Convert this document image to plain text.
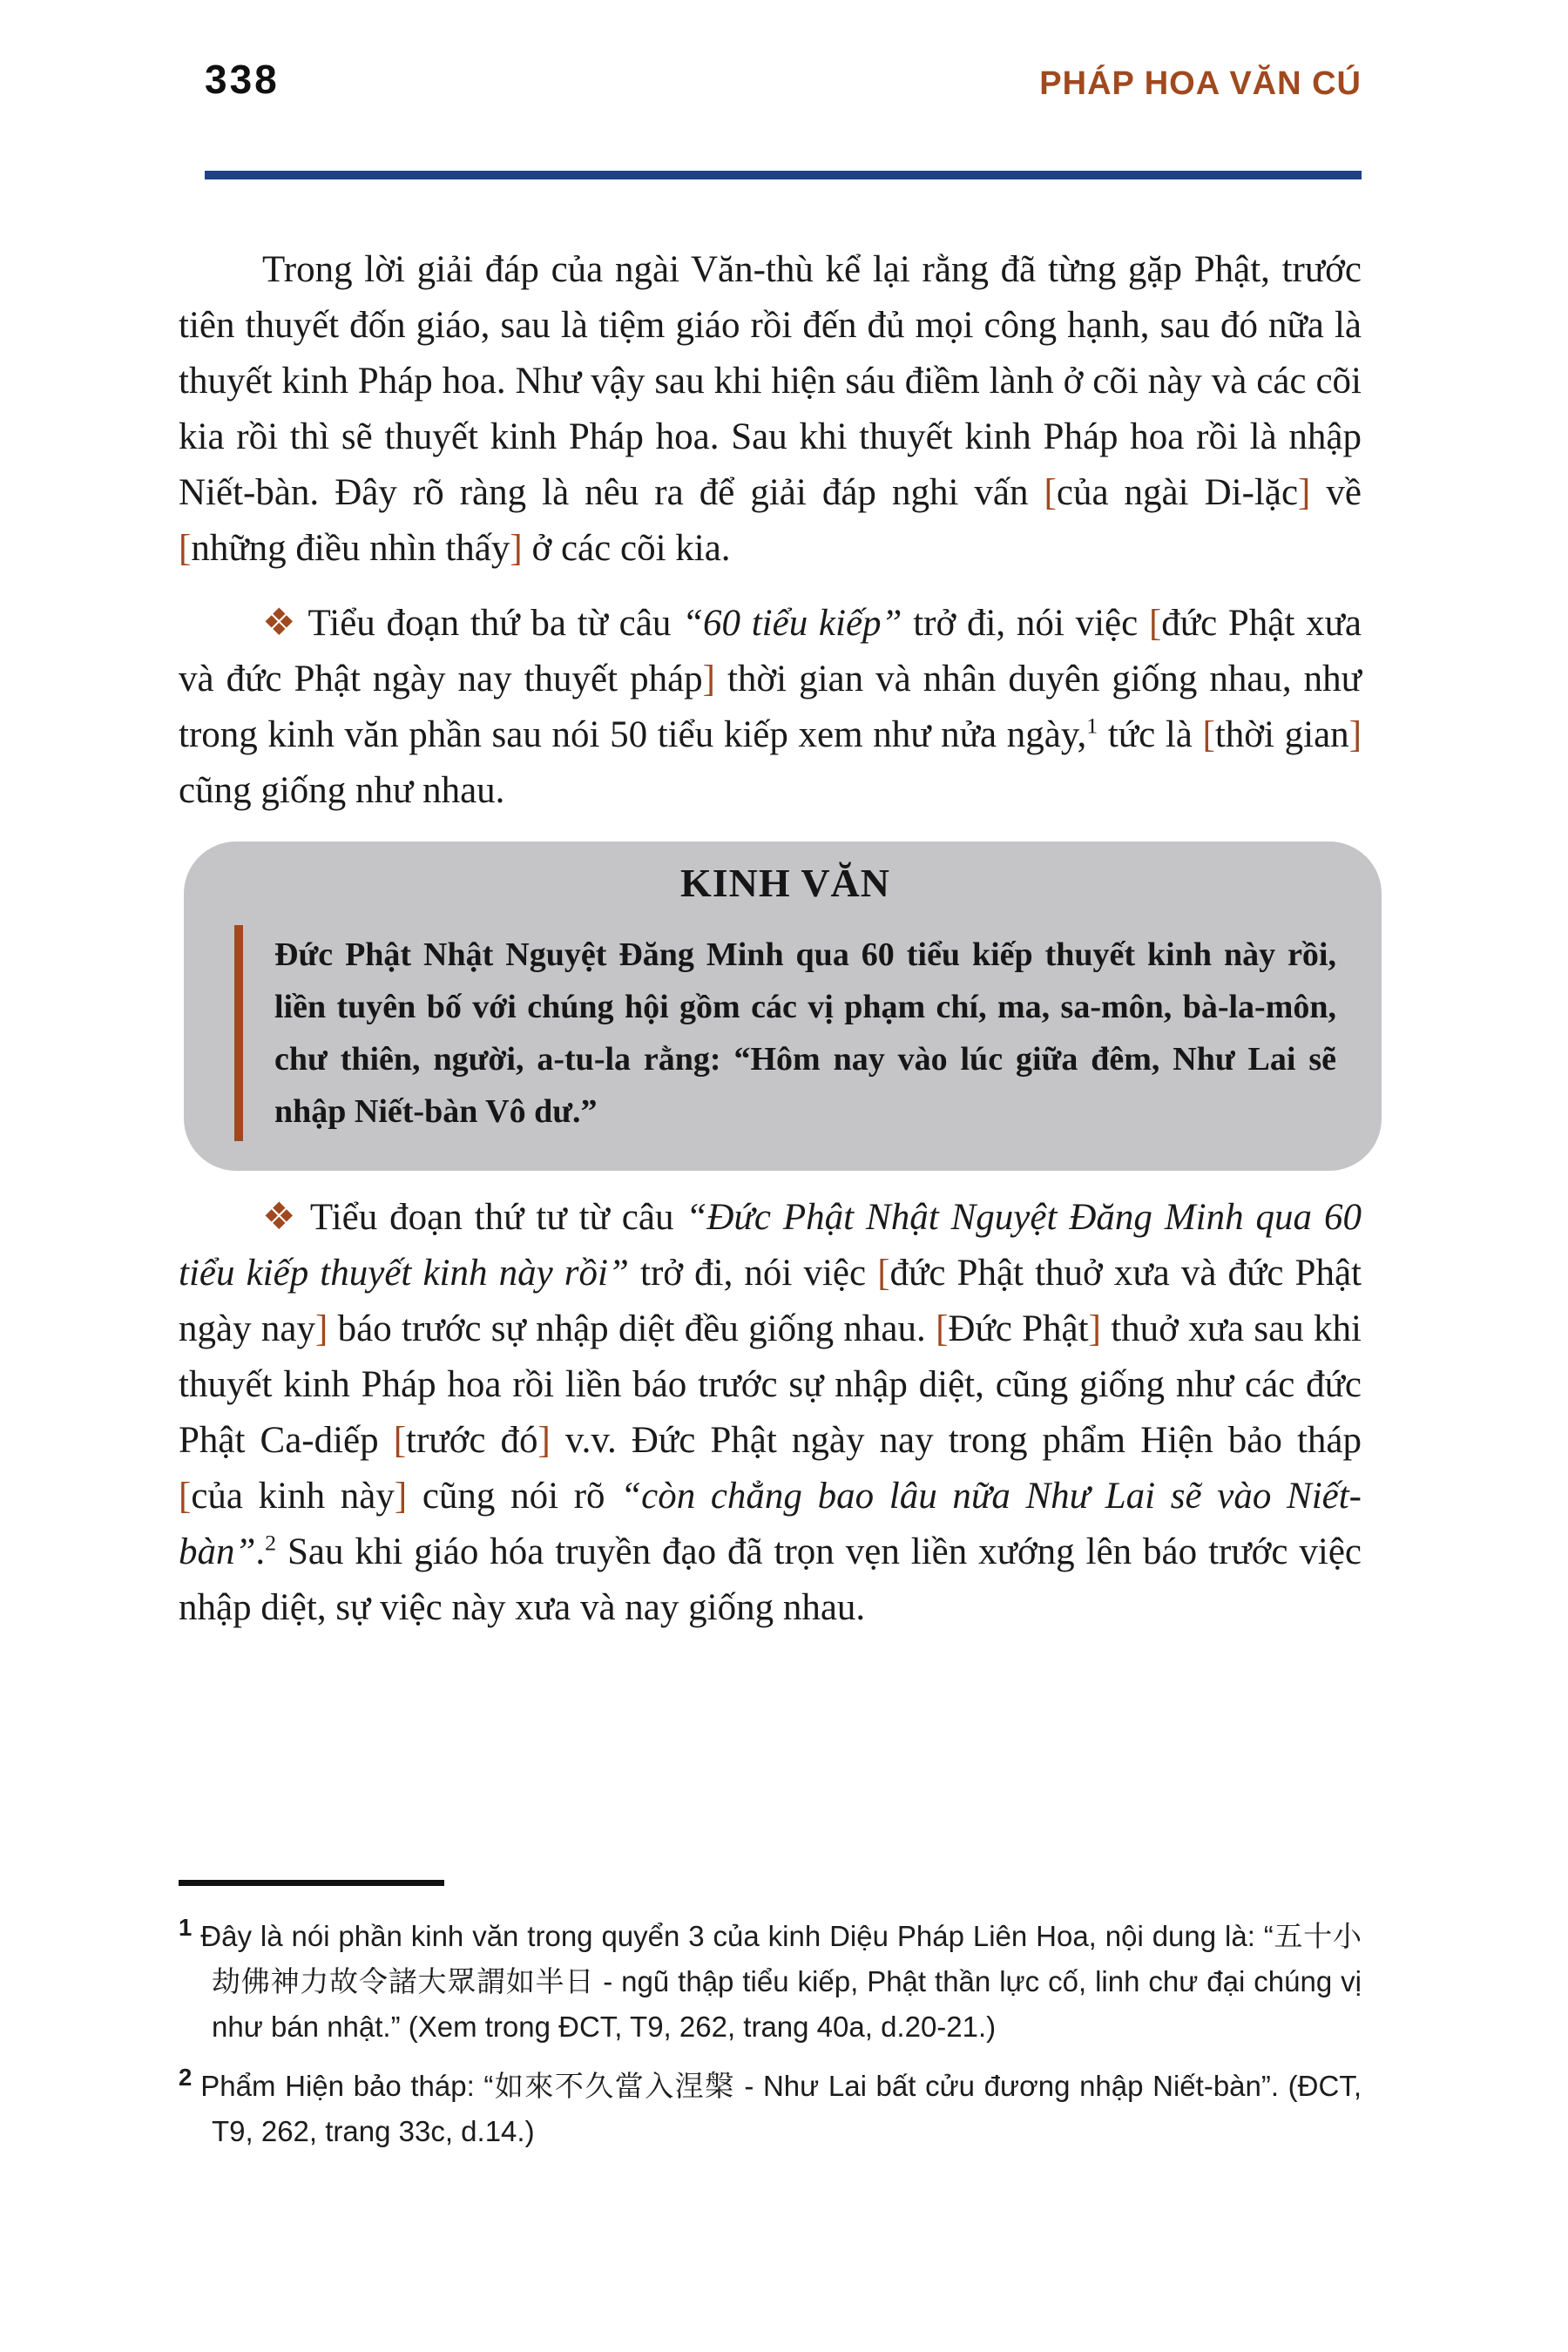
338	PHÁP HOA VĂN CÚ

Trong lời giải đáp của ngài Văn-thù kể lại rằng đã từng gặp Phật, trước tiên thuyết đốn giáo, sau là tiệm giáo rồi đến đủ mọi công hạnh, sau đó nữa là thuyết kinh Pháp hoa. Như vậy sau khi hiện sáu điềm lành ở cõi này và các cõi kia rồi thì sẽ thuyết kinh Pháp hoa. Sau khi thuyết kinh Pháp hoa rồi là nhập Niết-bàn. Đây rõ ràng là nêu ra để giải đáp nghi vấn [của ngài Di-lặc] về [những điều nhìn thấy] ở các cõi kia.

❖ Tiểu đoạn thứ ba từ câu “60 tiểu kiếp” trở đi, nói việc [đức Phật xưa và đức Phật ngày nay thuyết pháp] thời gian và nhân duyên giống nhau, như trong kinh văn phần sau nói 50 tiểu kiếp xem như nửa ngày,$^1$ tức là [thời gian] cũng giống như nhau.

KINH VĂN
Đức Phật Nhật Nguyệt Đăng Minh qua 60 tiểu kiếp thuyết kinh này rồi, liền tuyên bố với chúng hội gồm các vị phạm chí, ma, sa-môn, bà-la-môn, chư thiên, người, a-tu-la rằng: “Hôm nay vào lúc giữa đêm, Như Lai sẽ nhập Niết-bàn Vô dư.”

❖ Tiểu đoạn thứ tư từ câu “Đức Phật Nhật Nguyệt Đăng Minh qua 60 tiểu kiếp thuyết kinh này rồi” trở đi, nói việc [đức Phật thuở xưa và đức Phật ngày nay] báo trước sự nhập diệt đều giống nhau. [Đức Phật] thuở xưa sau khi thuyết kinh Pháp hoa rồi liền báo trước sự nhập diệt, cũng giống như các đức Phật Ca-diếp [trước đó] v.v. Đức Phật ngày nay trong phẩm Hiện bảo tháp [của kinh này] cũng nói rõ “còn chẳng bao lâu nữa Như Lai sẽ vào Niết-bàn”.$^2$ Sau khi giáo hóa truyền đạo đã trọn vẹn liền xướng lên báo trước việc nhập diệt, sự việc này xưa và nay giống nhau.

$^1$ Đây là nói phần kinh văn trong quyển 3 của kinh Diệu Pháp Liên Hoa, nội dung là: “五十小劫佛神力故令諸大眾謂如半日 - ngũ thập tiểu kiếp, Phật thần lực cố, linh chư đại chúng vị như bán nhật.” (Xem trong ĐCT, T9, 262, trang 40a, d.20-21.)
$^2$ Phẩm Hiện bảo tháp: “如來不久當入涅槃 - Như Lai bất cửu đương nhập Niết-bàn”. (ĐCT, T9, 262, trang 33c, d.14.)
